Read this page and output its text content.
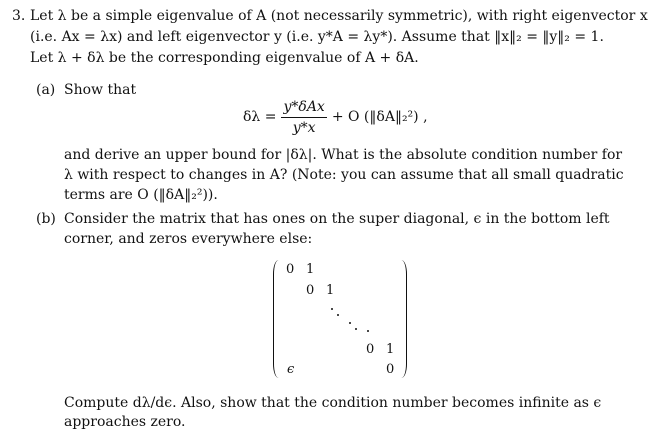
3. Let λ be a simple eigenvalue of A (not necessarily symmetric), with right eigenvector x
(i.e. Ax = λx) and left eigenvector y (i.e. y*A = λy*). Assume that ‖x‖₂ = ‖y‖₂ = 1.
Let λ + δλ be the corresponding eigenvalue of A + δA.
(a) Show that
$\delta\lambda = \frac{\text{y*δAx}}{y*x} + O$ (‖δA‖₂²) ,
and derive an upper bound for |δλ|. What is the absolute condition number for
λ with respect to changes in A? (Note: you can assume that all small quadratic
terms are O (‖δA‖₂²)).
(b) Consider the matrix that has ones on the super diagonal, ϵ in the bottom left
corner, and zeros everywhere else:
0 1
0 1
0 1
0
ϵ
Compute dλ/dϵ. Also, show that the condition number becomes infinite as ϵ
approaches zero.
